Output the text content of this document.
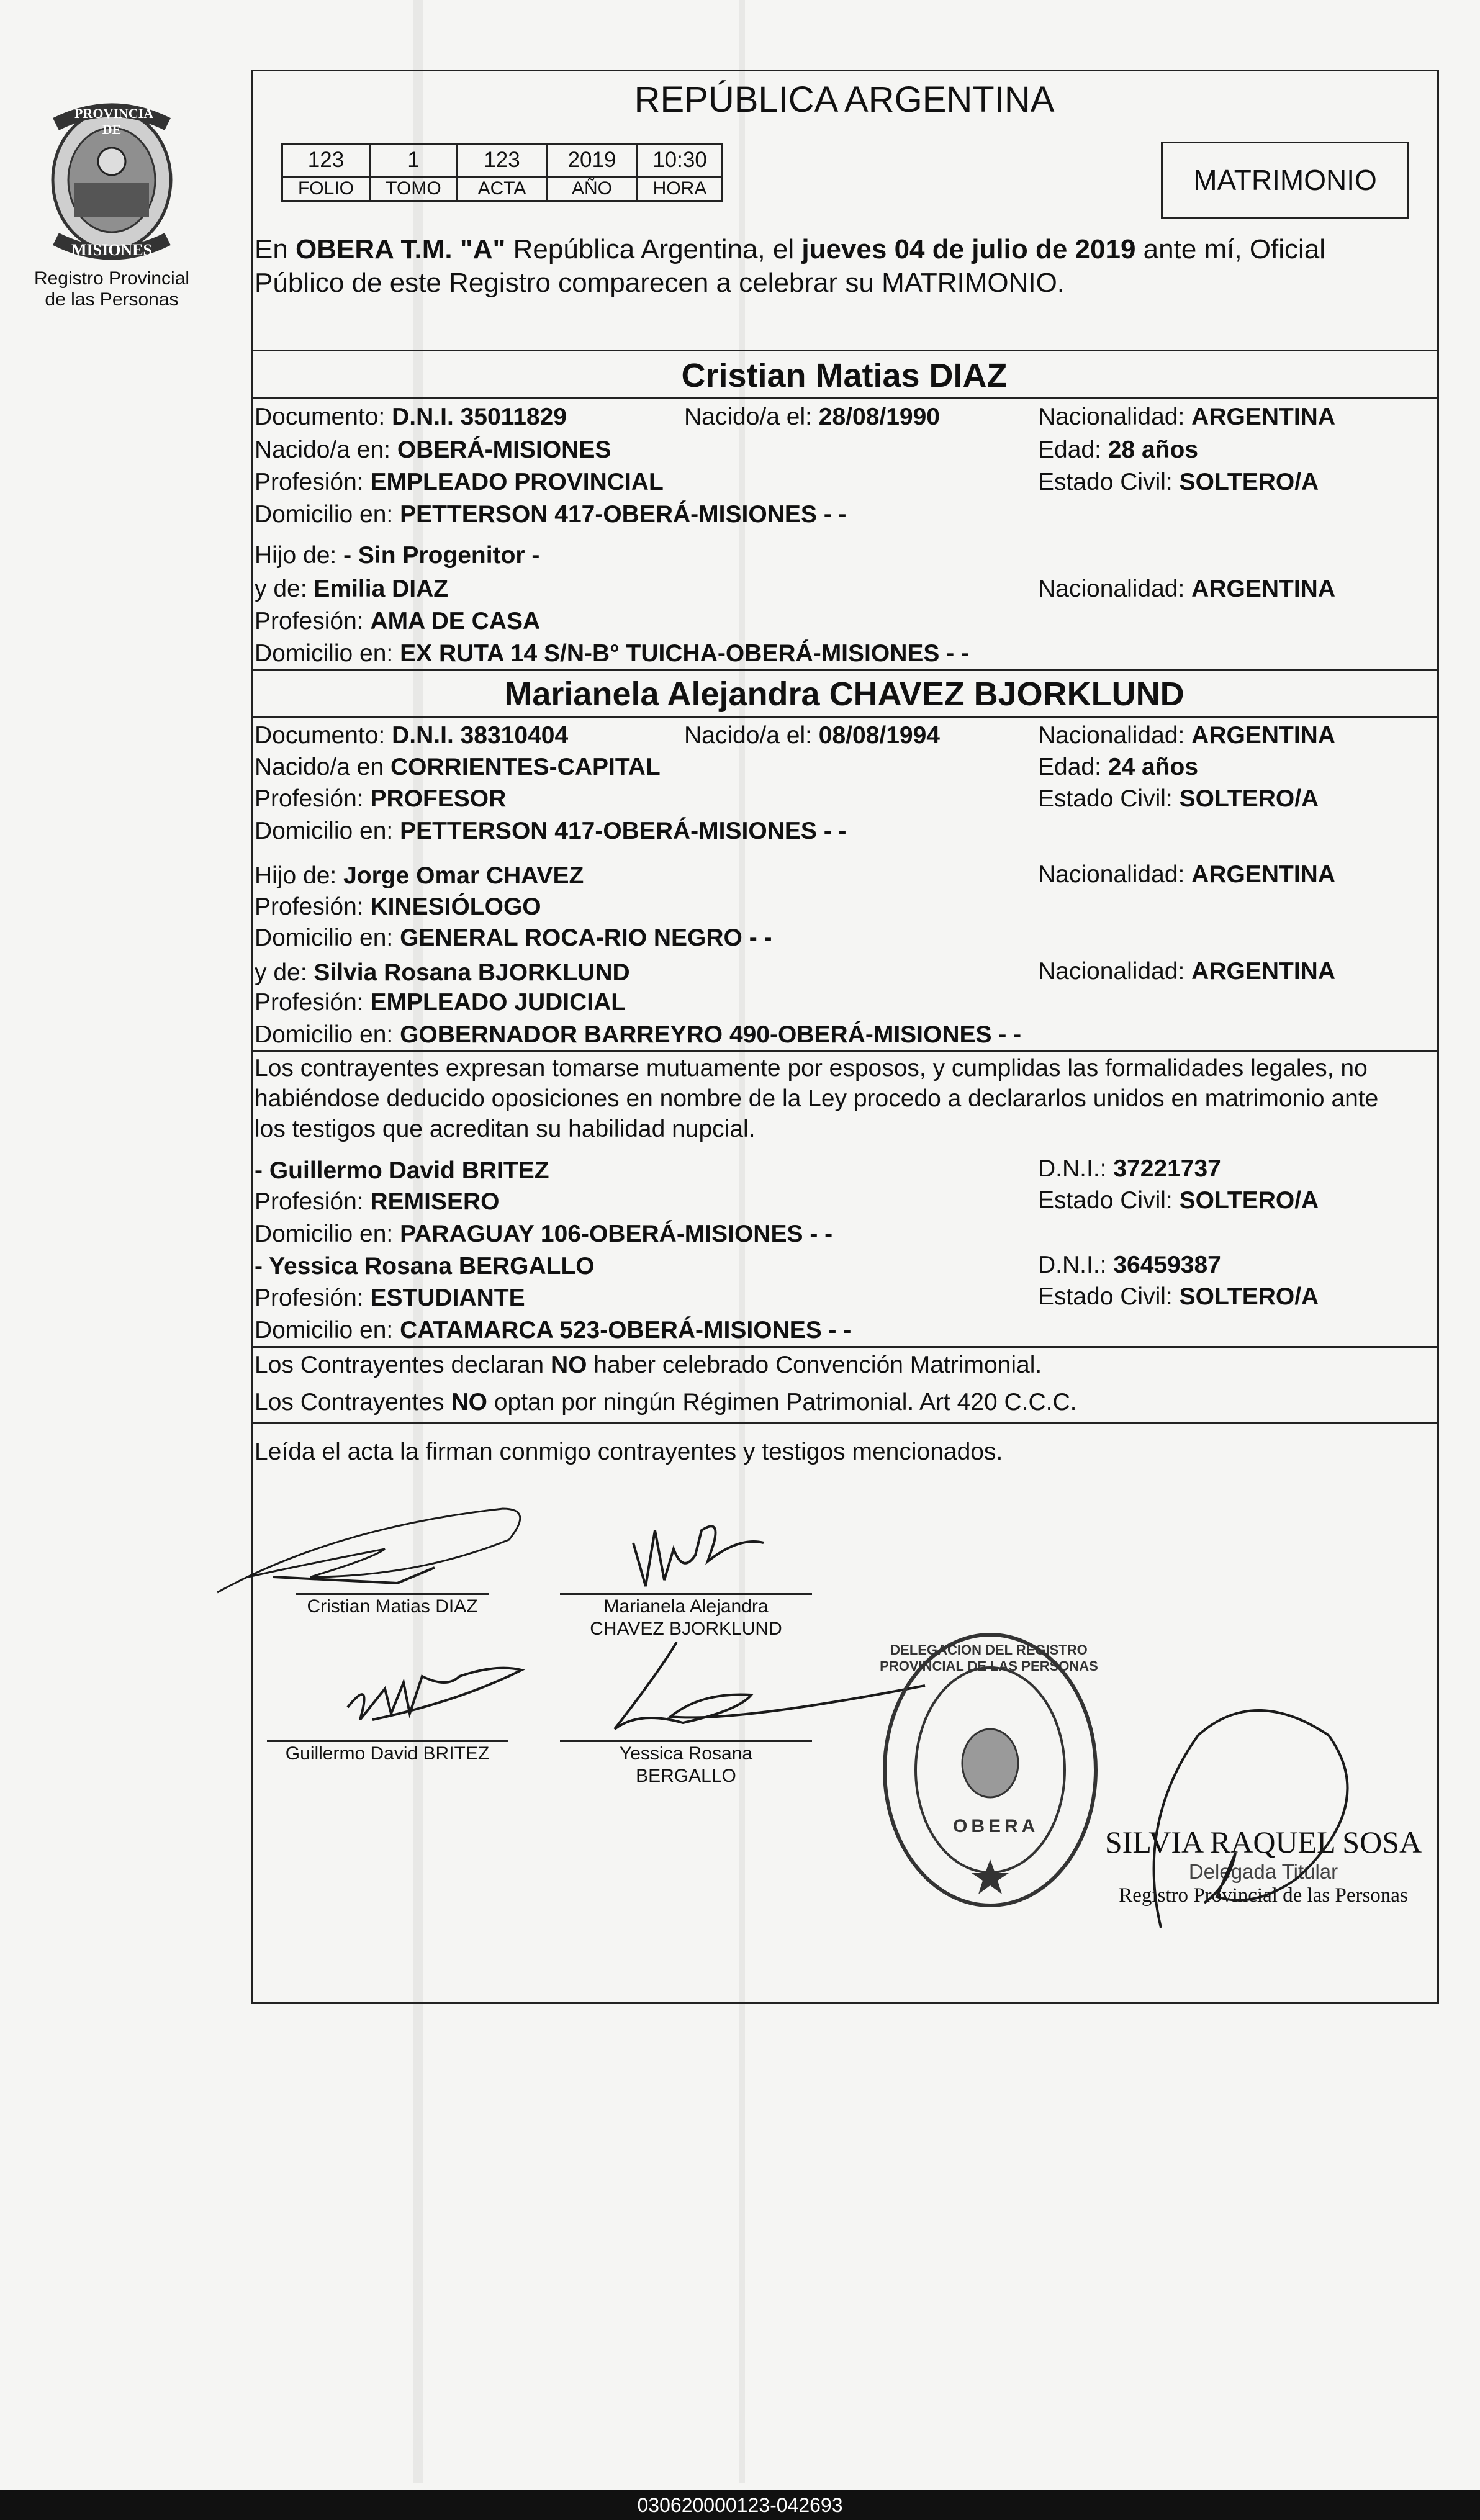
PROVINCIA DE
MISIONES
Registro Provincial
de las Personas
REPÚBLICA ARGENTINA
123	1	123	2019	10:30
FOLIO	TOMO	ACTA	AÑO	HORA	MATRIMONIO
En OBERA T.M. "A" República Argentina, el jueves 04 de julio de 2019 ante mí, Oficial
Público de este Registro comparecen a celebrar su MATRIMONIO.
Cristian Matias DIAZ
Documento: D.N.I. 35011829	Nacido/a el: 28/08/1990	Nacionalidad: ARGENTINA
Nacido/a en: OBERÁ-MISIONES	Edad: 28 años
Profesión: EMPLEADO PROVINCIAL	Estado Civil: SOLTERO/A
Domicilio en: PETTERSON 417-OBERÁ-MISIONES - -
Hijo de: - Sin Progenitor -
y de: Emilia DIAZ	Nacionalidad: ARGENTINA
Profesión: AMA DE CASA
Domicilio en: EX RUTA 14 S/N-B° TUICHA-OBERÁ-MISIONES - -
Marianela Alejandra CHAVEZ BJORKLUND
Documento: D.N.I. 38310404	Nacido/a el: 08/08/1994	Nacionalidad: ARGENTINA
Nacido/a en CORRIENTES-CAPITAL	Edad: 24 años
Profesión: PROFESOR	Estado Civil: SOLTERO/A
Domicilio en: PETTERSON 417-OBERÁ-MISIONES - -
Hijo de: Jorge Omar CHAVEZ	Nacionalidad: ARGENTINA
Profesión: KINESIÓLOGO
Domicilio en: GENERAL ROCA-RIO NEGRO - -
y de: Silvia Rosana BJORKLUND	Nacionalidad: ARGENTINA
Profesión: EMPLEADO JUDICIAL
Domicilio en: GOBERNADOR BARREYRO 490-OBERÁ-MISIONES - -
Los contrayentes expresan tomarse mutuamente por esposos, y cumplidas las formalidades legales, no
habiéndose deducido oposiciones en nombre de la Ley procedo a declararlos unidos en matrimonio ante
los testigos que acreditan su habilidad nupcial.
- Guillermo David BRITEZ	D.N.I.: 37221737
Profesión: REMISERO	Estado Civil: SOLTERO/A
Domicilio en: PARAGUAY 106-OBERÁ-MISIONES - -
- Yessica Rosana BERGALLO	D.N.I.: 36459387
Profesión: ESTUDIANTE	Estado Civil: SOLTERO/A
Domicilio en: CATAMARCA 523-OBERÁ-MISIONES - -
Los Contrayentes declaran NO haber celebrado Convención Matrimonial.
Los Contrayentes NO optan por ningún Régimen Patrimonial. Art 420 C.C.C.
Leída el acta la firman conmigo contrayentes y testigos mencionados.
Cristian Matias DIAZ	Marianela Alejandra
CHAVEZ BJORKLUND
Guillermo David BRITEZ	Yessica Rosana
BERGALLO
DELEGACION DEL REGISTRO PROVINCIAL DE LAS PERSONAS
OBERA	SILVIA RAQUEL SOSA
Delegada Titular
Registro Provincial de las Personas
030620000123-042693
